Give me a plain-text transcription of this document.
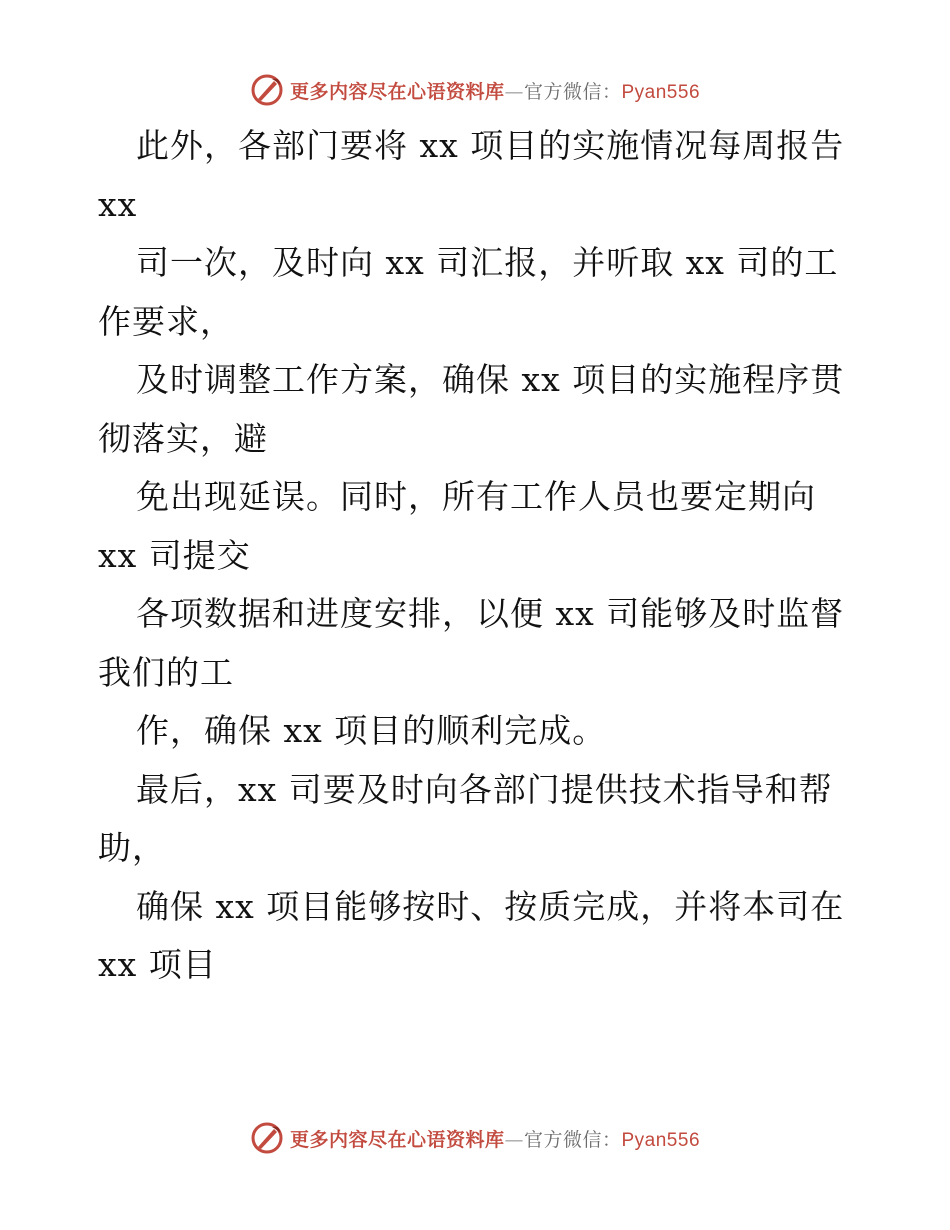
更多内容尽在心语资料库—官方微信：Pyan556
此外，各部门要将 xx 项目的实施情况每周报告
xx
司一次，及时向 xx 司汇报，并听取 xx 司的工
作要求，
及时调整工作方案，确保 xx 项目的实施程序贯
彻落实，避
免出现延误。同时，所有工作人员也要定期向
xx 司提交
各项数据和进度安排，以便 xx 司能够及时监督
我们的工
作，确保 xx 项目的顺利完成。
最后，xx 司要及时向各部门提供技术指导和帮
助，
确保 xx 项目能够按时、按质完成，并将本司在
xx 项目
更多内容尽在心语资料库—官方微信：Pyan556
